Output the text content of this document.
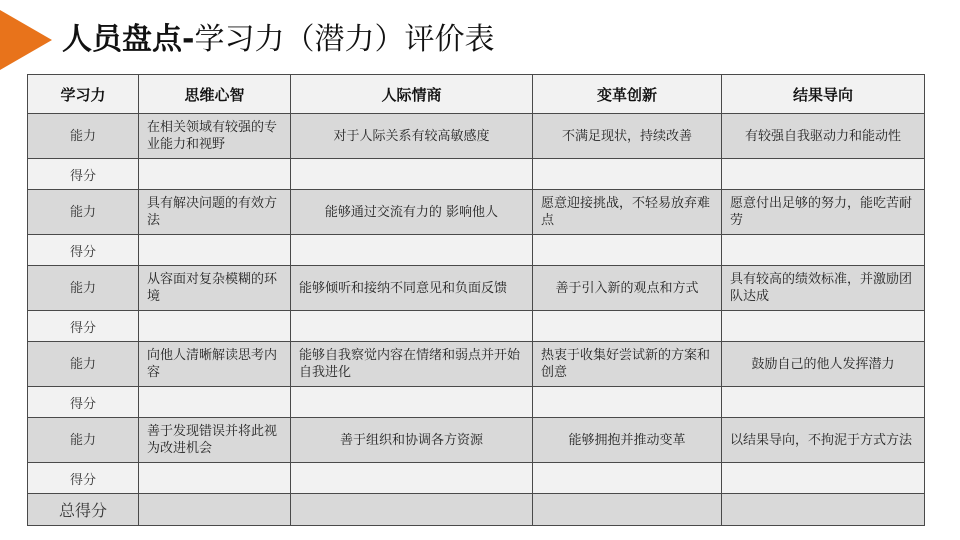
人员盘点-学习力（潜力）评价表
学习力	思维心智	人际情商	变革创新	结果导向
能力	在相关领域有较强的专业能力和视野	对于人际关系有较高敏感度	不满足现状，持续改善	有较强自我驱动力和能动性
得分				
能力	具有解决问题的有效方法	能够通过交流有力的 影响他人	愿意迎接挑战，不轻易放弃难点	愿意付出足够的努力，能吃苦耐劳
得分				
能力	从容面对复杂模糊的环境	能够倾听和接纳不同意见和负面反馈	善于引入新的观点和方式	具有较高的绩效标准，并激励团队达成
得分				
能力	向他人清晰解读思考内容	能够自我察觉内容在情绪和弱点并开始自我进化	热衷于收集好尝试新的方案和创意	鼓励自己的他人发挥潜力
得分				
能力	善于发现错误并将此视为改进机会	善于组织和协调各方资源	能够拥抱并推动变革	以结果导向，不拘泥于方式方法
得分				
总得分				
